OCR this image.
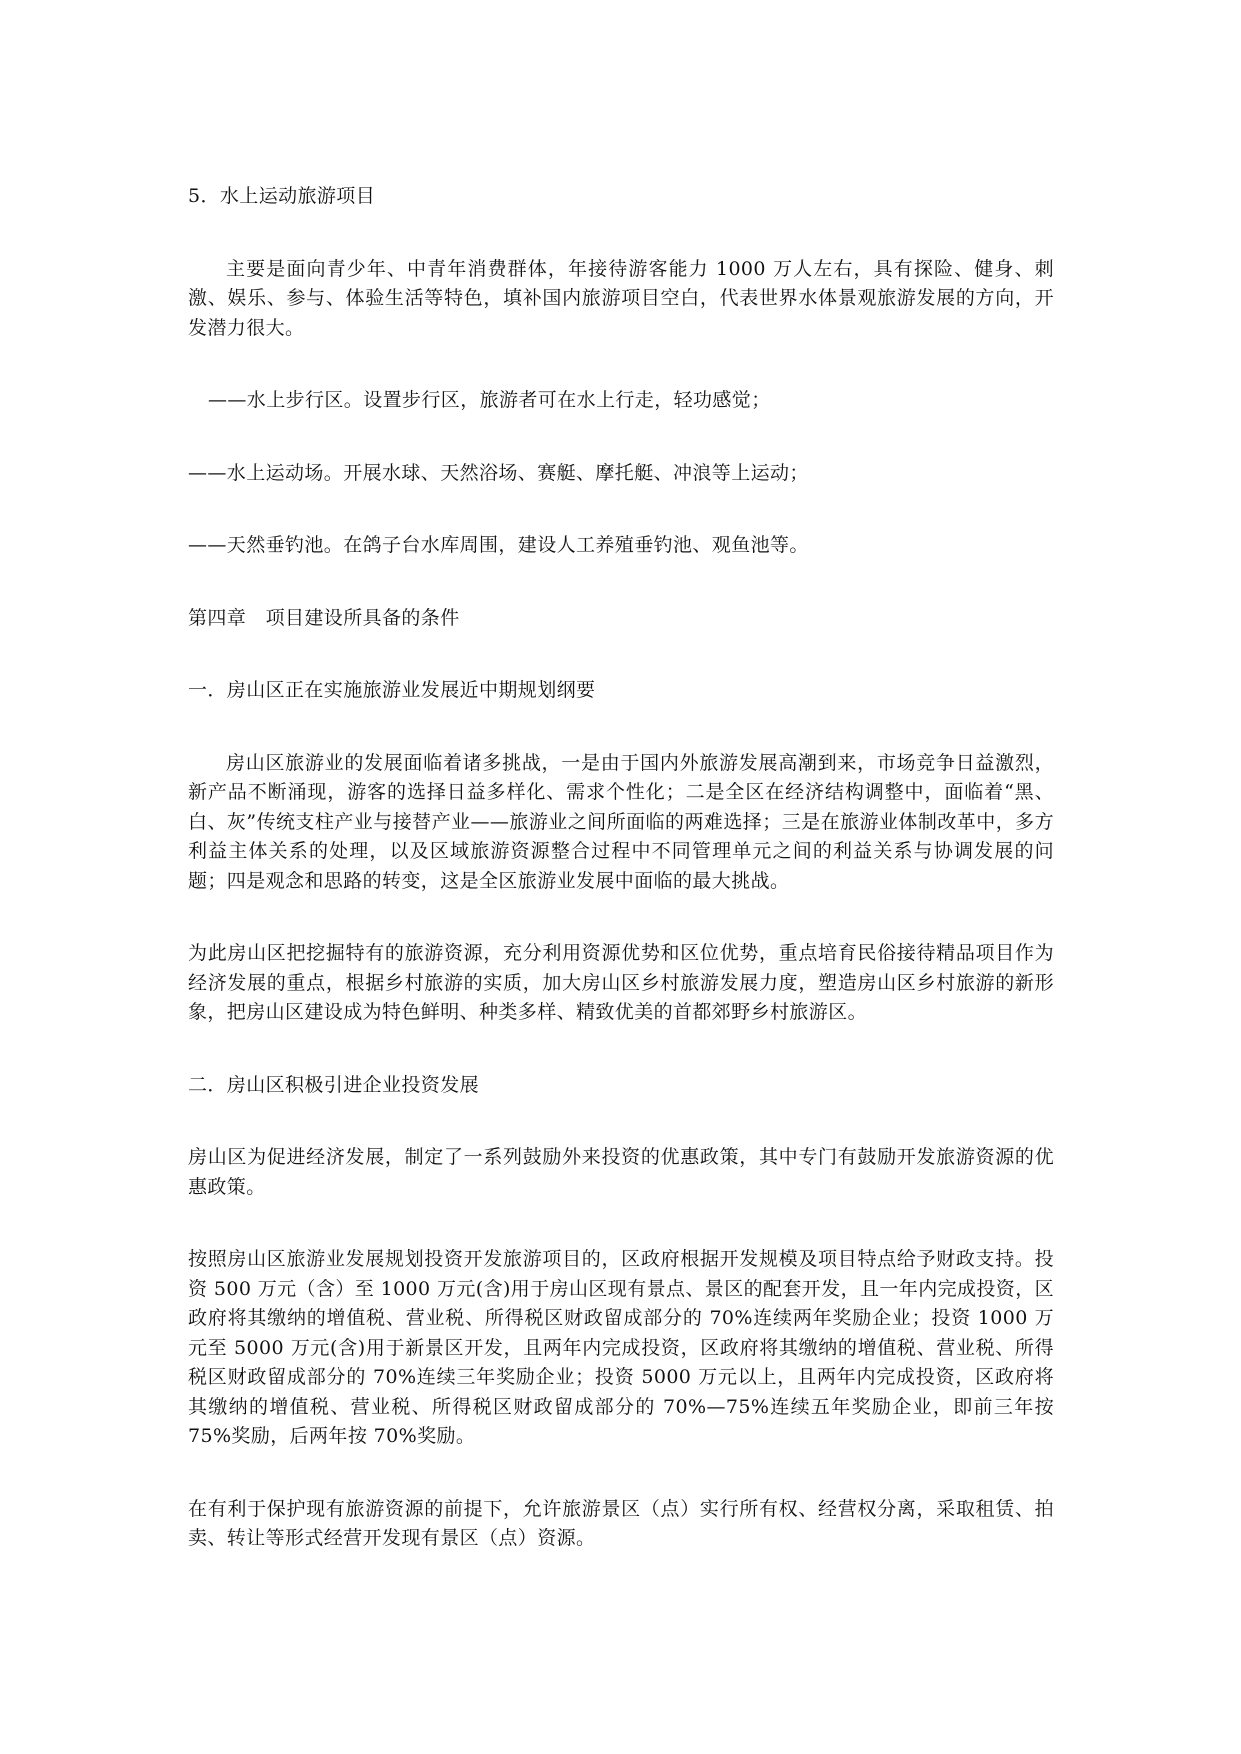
5．水上运动旅游项目

主要是面向青少年、中青年消费群体，年接待游客能力 1000 万人左右，具有探险、健身、刺激、娱乐、参与、体验生活等特色，填补国内旅游项目空白，代表世界水体景观旅游发展的方向，开发潜力很大。

——水上步行区。设置步行区，旅游者可在水上行走，轻功感觉；

——水上运动场。开展水球、天然浴场、赛艇、摩托艇、冲浪等上运动；

——天然垂钓池。在鸽子台水库周围，建设人工养殖垂钓池、观鱼池等。

第四章　项目建设所具备的条件

一．房山区正在实施旅游业发展近中期规划纲要

房山区旅游业的发展面临着诸多挑战，一是由于国内外旅游发展高潮到来，市场竞争日益激烈，新产品不断涌现，游客的选择日益多样化、需求个性化；二是全区在经济结构调整中，面临着“黑、白、灰”传统支柱产业与接替产业——旅游业之间所面临的两难选择；三是在旅游业体制改革中，多方利益主体关系的处理，以及区域旅游资源整合过程中不同管理单元之间的利益关系与协调发展的问题；四是观念和思路的转变，这是全区旅游业发展中面临的最大挑战。

为此房山区把挖掘特有的旅游资源，充分利用资源优势和区位优势，重点培育民俗接待精品项目作为经济发展的重点，根据乡村旅游的实质，加大房山区乡村旅游发展力度，塑造房山区乡村旅游的新形象，把房山区建设成为特色鲜明、种类多样、精致优美的首都郊野乡村旅游区。

二．房山区积极引进企业投资发展

房山区为促进经济发展，制定了一系列鼓励外来投资的优惠政策，其中专门有鼓励开发旅游资源的优惠政策。

按照房山区旅游业发展规划投资开发旅游项目的，区政府根据开发规模及项目特点给予财政支持。投资 500 万元（含）至 1000 万元(含)用于房山区现有景点、景区的配套开发，且一年内完成投资，区政府将其缴纳的增值税、营业税、所得税区财政留成部分的 70%连续两年奖励企业；投资 1000 万元至 5000 万元(含)用于新景区开发，且两年内完成投资，区政府将其缴纳的增值税、营业税、所得税区财政留成部分的 70%连续三年奖励企业；投资 5000 万元以上，且两年内完成投资，区政府将其缴纳的增值税、营业税、所得税区财政留成部分的 70%—75%连续五年奖励企业，即前三年按 75%奖励，后两年按 70%奖励。

在有利于保护现有旅游资源的前提下，允许旅游景区（点）实行所有权、经营权分离，采取租赁、拍卖、转让等形式经营开发现有景区（点）资源。
